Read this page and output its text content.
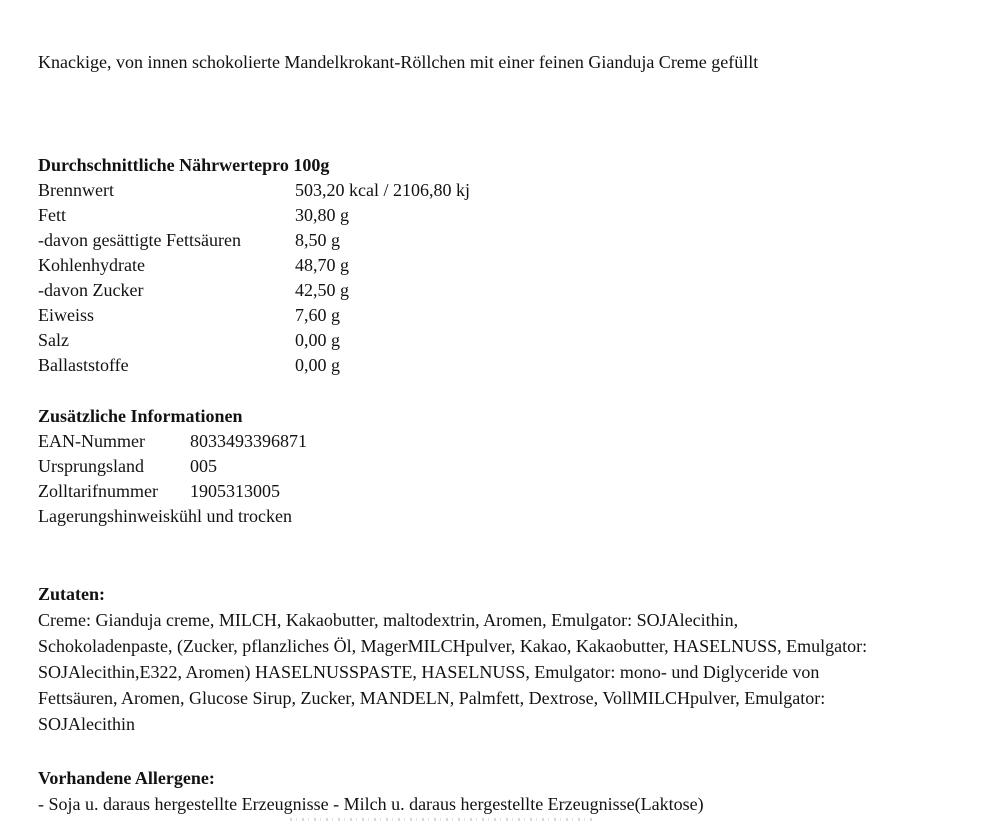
Knackige, von innen schokolierte Mandelkrokant-Röllchen mit einer feinen Gianduja Creme gefüllt
Durchschnittliche Nährwertepro 100g
Brennwert	503,20 kcal / 2106,80 kj
Fett	30,80 g
-davon gesättigte Fettsäuren	8,50 g
Kohlenhydrate	48,70 g
-davon Zucker	42,50 g
Eiweiss	7,60 g
Salz	0,00 g
Ballaststoffe	0,00 g
Zusätzliche Informationen
EAN-Nummer	8033493396871
Ursprungsland	005
Zolltarifnummer 1905313005
Lagerungshinweiskühl und trocken
Zutaten:
Creme: Gianduja creme, MILCH, Kakaobutter, maltodextrin, Aromen, Emulgator: SOJAlecithin,
Schokoladenpaste, (Zucker, pflanzliches Öl, MagerMILCHpulver, Kakao, Kakaobutter, HASELNUSS, Emulgator:
SOJAlecithin,E322, Aromen) HASELNUSSPASTE, HASELNUSS, Emulgator: mono- und Diglyceride von
Fettsäuren, Aromen, Glucose Sirup, Zucker, MANDELN, Palmfett, Dextrose, VollMILCHpulver, Emulgator:
SOJAlecithin
Vorhandene Allergene:
- Soja u. daraus hergestellte Erzeugnisse - Milch u. daraus hergestellte Erzeugnisse(Laktose)
